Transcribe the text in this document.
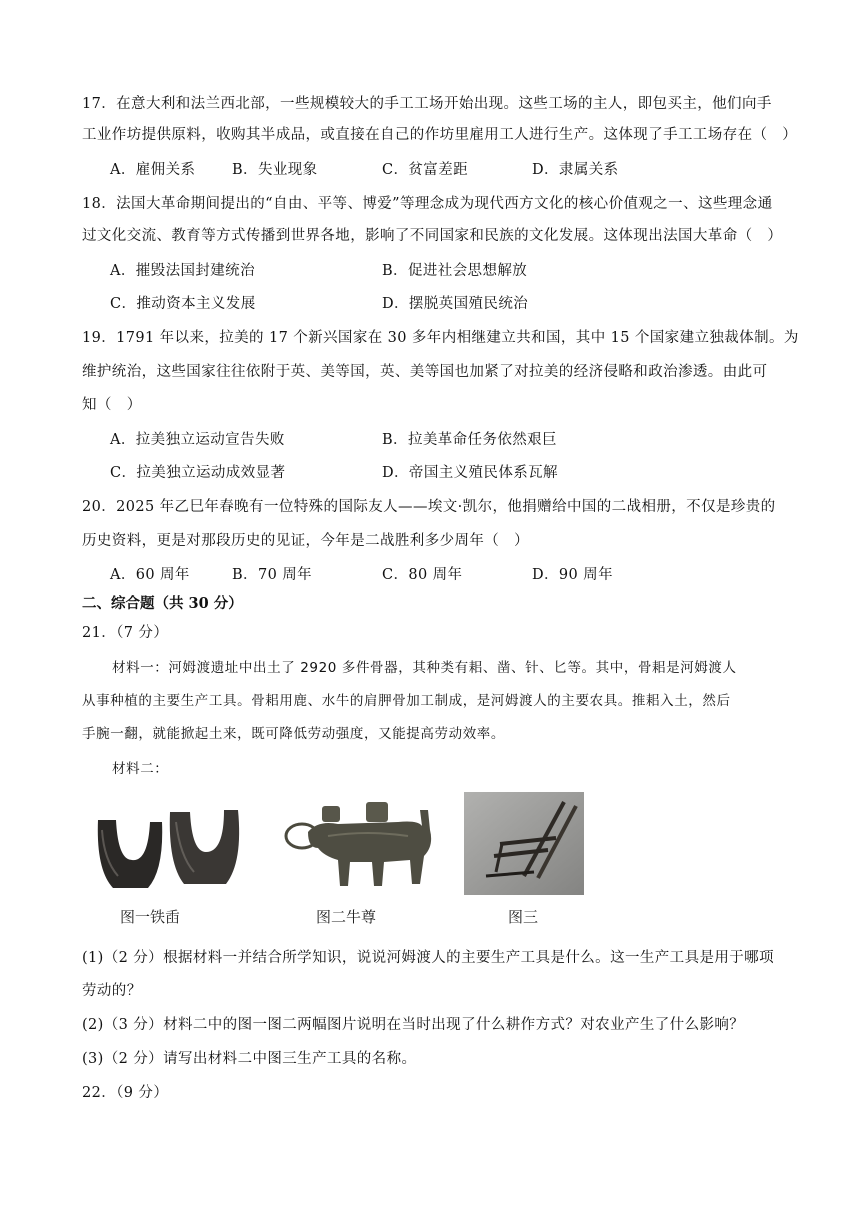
17．在意大利和法兰西北部，一些规模较大的手工工场开始出现。这些工场的主人，即包买主，他们向手
工业作坊提供原料，收购其半成品，或直接在自己的作坊里雇用工人进行生产。这体现了手工工场存在（　）
A．雇佣关系	B．失业现象	C．贫富差距	D．隶属关系
18．法国大革命期间提出的“自由、平等、博爱”等理念成为现代西方文化的核心价值观之一、这些理念通
过文化交流、教育等方式传播到世界各地，影响了不同国家和民族的文化发展。这体现出法国大革命（　）
A．摧毁法国封建统治	B．促进社会思想解放
C．推动资本主义发展	D．摆脱英国殖民统治
19．1791 年以来，拉美的 17 个新兴国家在 30 多年内相继建立共和国，其中 15 个国家建立独裁体制。为
维护统治，这些国家往往依附于英、美等国，英、美等国也加紧了对拉美的经济侵略和政治渗透。由此可
知（　）
A．拉美独立运动宣告失败	B．拉美革命任务依然艰巨
C．拉美独立运动成效显著	D．帝国主义殖民体系瓦解
20．2025 年乙巳年春晚有一位特殊的国际友人——埃文·凯尔，他捐赠给中国的二战相册，不仅是珍贵的
历史资料，更是对那段历史的见证，今年是二战胜利多少周年（　）
A．60 周年	B．70 周年	C．80 周年	D．90 周年
二、综合题（共 30 分）
21．（7 分）
材料一：河姆渡遗址中出土了 2920 多件骨器，其种类有耜、凿、针、匕等。其中，骨耜是河姆渡人
从事种植的主要生产工具。骨耜用鹿、水牛的肩胛骨加工制成，是河姆渡人的主要农具。推耜入土，然后
手腕一翻，就能掀起土来，既可降低劳动强度，又能提高劳动效率。
材料二：
图一铁臿	图二牛尊	图三
(1)（2 分）根据材料一并结合所学知识，说说河姆渡人的主要生产工具是什么。这一生产工具是用于哪项
劳动的？
(2)（3 分）材料二中的图一图二两幅图片说明在当时出现了什么耕作方式？对农业产生了什么影响？
(3)（2 分）请写出材料二中图三生产工具的名称。
22．（9 分）
